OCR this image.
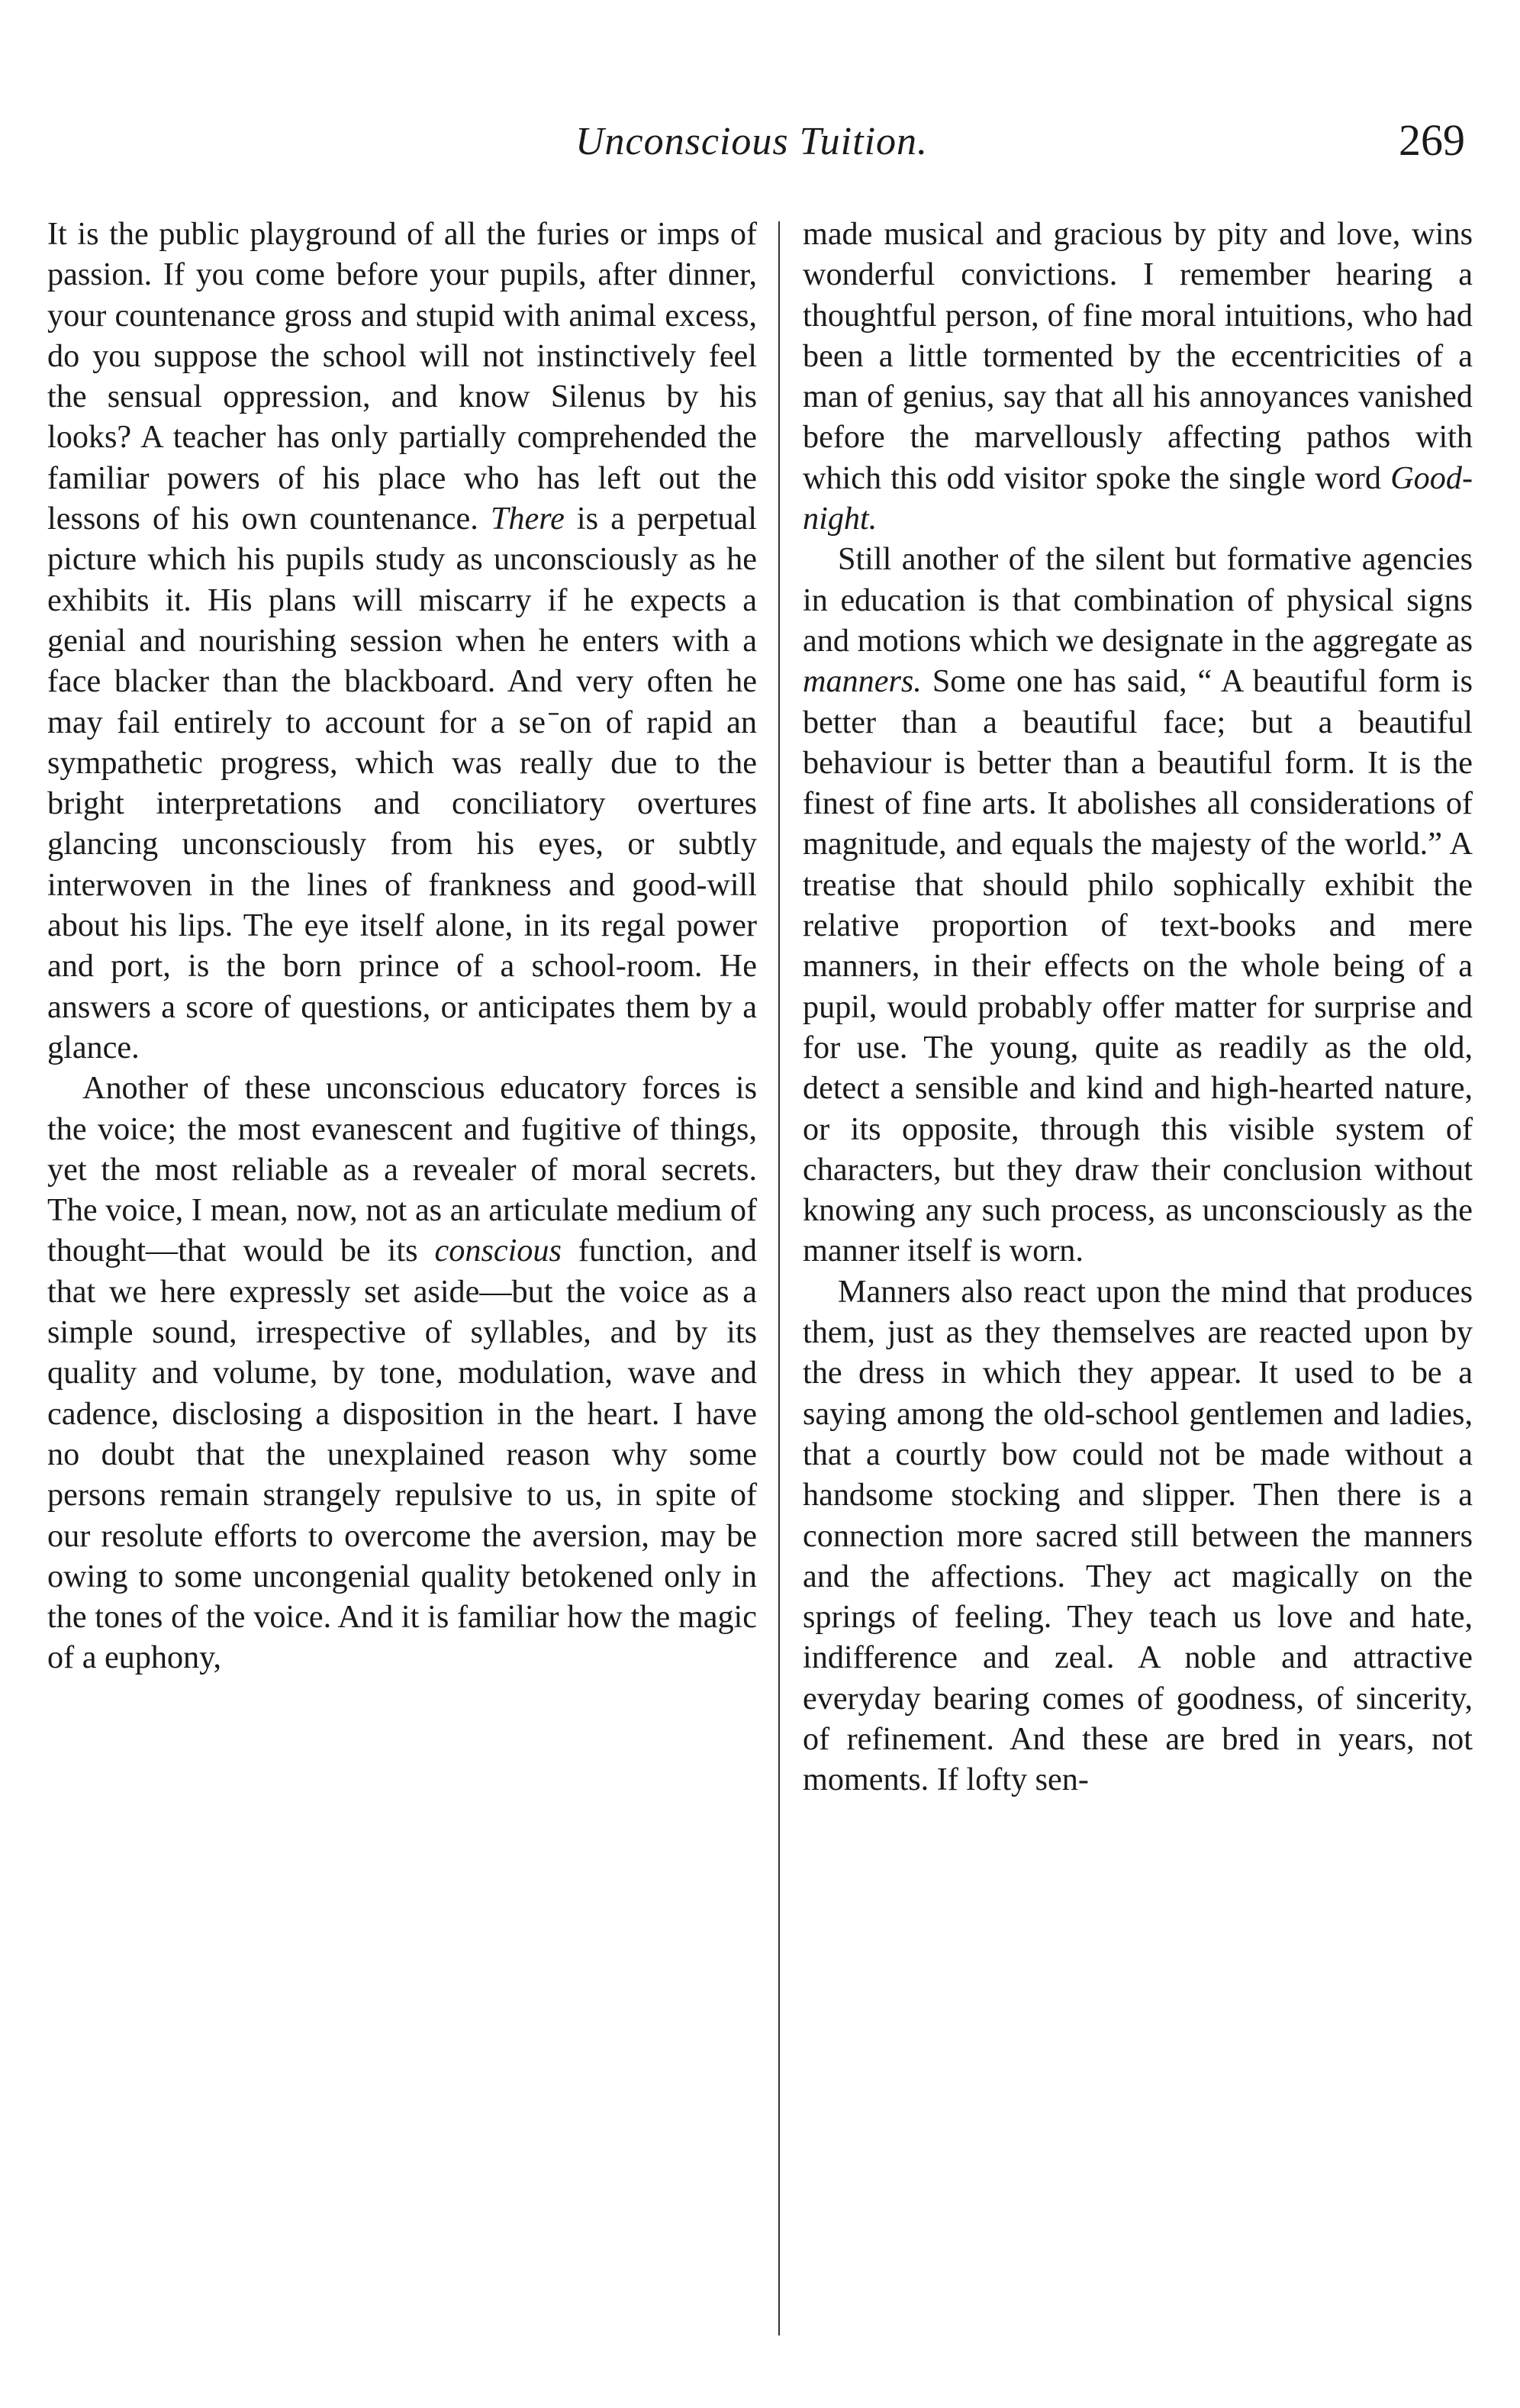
Unconscious Tuition.	269

It is the public playground of all the furies or imps of passion. If you come before your pupils, after dinner, your countenance gross and stupid with animal excess, do you suppose the school will not instinctively feel the sensual oppression, and know Silenus by his looks? A teacher has only partially comprehended the familiar powers of his place who has left out the lessons of his own countenance. There is a perpetual picture which his pupils study as unconsciously as he exhibits it. His plans will miscarry if he expects a genial and nourishing session when he enters with a face blacker than the blackboard. And very often he may fail entirely to account for a se ̄on of rapid an sympathetic progress, which was really due to the bright interpretations and conciliatory overtures glancing unconsciously from his eyes, or subtly interwoven in the lines of frankness and good-will about his lips. The eye itself alone, in its regal power and port, is the born prince of a school-room. He answers a score of questions, or anticipates them by a glance.

Another of these unconscious educatory forces is the voice; the most evanescent and fugitive of things, yet the most reliable as a revealer of moral secrets. The voice, I mean, now, not as an articulate medium of thought—that would be its conscious function, and that we here expressly set aside—but the voice as a simple sound, irrespective of syllables, and by its quality and volume, by tone, modulation, wave and cadence, disclosing a disposition in the heart. I have no doubt that the unexplained reason why some persons remain strangely repulsive to us, in spite of our resolute efforts to overcome the aversion, may be owing to some uncongenial quality betokened only in the tones of the voice. And it is familiar how the magic of a euphony,

made musical and gracious by pity and love, wins wonderful convictions. I remember hearing a thoughtful person, of fine moral intuitions, who had been a little tormented by the eccentricities of a man of genius, say that all his annoyances vanished before the marvellously affecting pathos with which this odd visitor spoke the single word Good-night.

Still another of the silent but formative agencies in education is that combination of physical signs and motions which we designate in the aggregate as manners. Some one has said, “ A beautiful form is better than a beautiful face; but a beautiful behaviour is better than a beautiful form. It is the finest of fine arts. It abolishes all considerations of magnitude, and equals the majesty of the world.” A treatise that should philo sophically exhibit the relative proportion of text-books and mere manners, in their effects on the whole being of a pupil, would probably offer matter for surprise and for use. The young, quite as readily as the old, detect a sensible and kind and high-hearted nature, or its opposite, through this visible system of characters, but they draw their conclusion without knowing any such process, as unconsciously as the manner itself is worn.

Manners also react upon the mind that produces them, just as they themselves are reacted upon by the dress in which they appear. It used to be a saying among the old-school gentlemen and ladies, that a courtly bow could not be made without a handsome stocking and slipper. Then there is a connection more sacred still between the manners and the affections. They act magically on the springs of feeling. They teach us love and hate, indifference and zeal. A noble and attractive everyday bearing comes of goodness, of sincerity, of refinement. And these are bred in years, not moments. If lofty sen-
